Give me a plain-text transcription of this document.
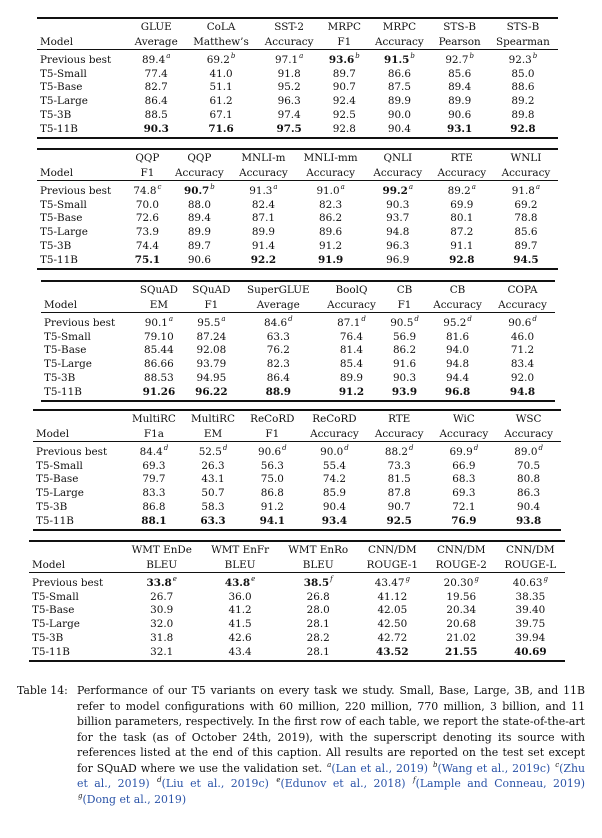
	GLUE	CoLA	SST-2	MRPC	MRPC	STS-B	STS-B
Model	Average	Matthew’s	Accuracy	F1	Accuracy	Pearson	Spearman
Previous best	89.4$^a$	69.2$^b$	97.1$^a$	93.6$^b$	91.5$^b$	92.7$^b$	92.3$^b$
T5-Small	77.4	41.0	91.8	89.7	86.6	85.6	85.0
T5-Base	82.7	51.1	95.2	90.7	87.5	89.4	88.6
T5-Large	86.4	61.2	96.3	92.4	89.9	89.9	89.2
T5-3B	88.5	67.1	97.4	92.5	90.0	90.6	89.8
T5-11B	90.3	71.6	97.5	92.8	90.4	93.1	92.8
	QQP	QQP	MNLI-m	MNLI-mm	QNLI	RTE	WNLI
Model	F1	Accuracy	Accuracy	Accuracy	Accuracy	Accuracy	Accuracy
Previous best	74.8$^c$	90.7$^b$	91.3$^a$	91.0$^a$	99.2$^a$	89.2$^a$	91.8$^a$
T5-Small	70.0	88.0	82.4	82.3	90.3	69.9	69.2
T5-Base	72.6	89.4	87.1	86.2	93.7	80.1	78.8
T5-Large	73.9	89.9	89.9	89.6	94.8	87.2	85.6
T5-3B	74.4	89.7	91.4	91.2	96.3	91.1	89.7
T5-11B	75.1	90.6	92.2	91.9	96.9	92.8	94.5
	SQuAD	SQuAD	SuperGLUE	BoolQ	CB	CB	COPA
Model	EM	F1	Average	Accuracy	F1	Accuracy	Accuracy
Previous best	90.1$^a$	95.5$^a$	84.6$^d$	87.1$^d$	90.5$^d$	95.2$^d$	90.6$^d$
T5-Small	79.10	87.24	63.3	76.4	56.9	81.6	46.0
T5-Base	85.44	92.08	76.2	81.4	86.2	94.0	71.2
T5-Large	86.66	93.79	82.3	85.4	91.6	94.8	83.4
T5-3B	88.53	94.95	86.4	89.9	90.3	94.4	92.0
T5-11B	91.26	96.22	88.9	91.2	93.9	96.8	94.8
	MultiRC	MultiRC	ReCoRD	ReCoRD	RTE	WiC	WSC
Model	F1a	EM	F1	Accuracy	Accuracy	Accuracy	Accuracy
Previous best	84.4$^d$	52.5$^d$	90.6$^d$	90.0$^d$	88.2$^d$	69.9$^d$	89.0$^d$
T5-Small	69.3	26.3	56.3	55.4	73.3	66.9	70.5
T5-Base	79.7	43.1	75.0	74.2	81.5	68.3	80.8
T5-Large	83.3	50.7	86.8	85.9	87.8	69.3	86.3
T5-3B	86.8	58.3	91.2	90.4	90.7	72.1	90.4
T5-11B	88.1	63.3	94.1	93.4	92.5	76.9	93.8
	WMT EnDe	WMT EnFr	WMT EnRo	CNN/DM	CNN/DM	CNN/DM
Model	BLEU	BLEU	BLEU	ROUGE-1	ROUGE-2	ROUGE-L
Previous best	33.8e	43.8e	38.5$^f$	43.47$^g$	20.30$^g$	40.63$^g$
T5-Small	26.7	36.0	26.8	41.12	19.56	38.35
T5-Base	30.9	41.2	28.0	42.05	20.34	39.40
T5-Large	32.0	41.5	28.1	42.50	20.68	39.75
T5-3B	31.8	42.6	28.2	42.72	21.02	39.94
T5-11B	32.1	43.4	28.1	43.52	21.55	40.69
Table 14: Performance of our T5 variants on every task we study. Small, Base, Large, 3B, and 11B refer to model configurations with 60 million, 220 million, 770 million, 3 billion, and 11 billion parameters, respectively. In the first row of each table, we report the state-of-the-art for the task (as of October 24th, 2019), with the superscript denoting its source with references listed at the end of this caption. All results are reported on the test set except for SQuAD where we use the validation set. $^a$(Lan et al., 2019) $^b$(Wang et al., 2019c) $^c$(Zhu et al., 2019) $^d$(Liu et al., 2019c) $^e$(Edunov et al., 2018) $^f$(Lample and Conneau, 2019) $^g$(Dong et al., 2019)
